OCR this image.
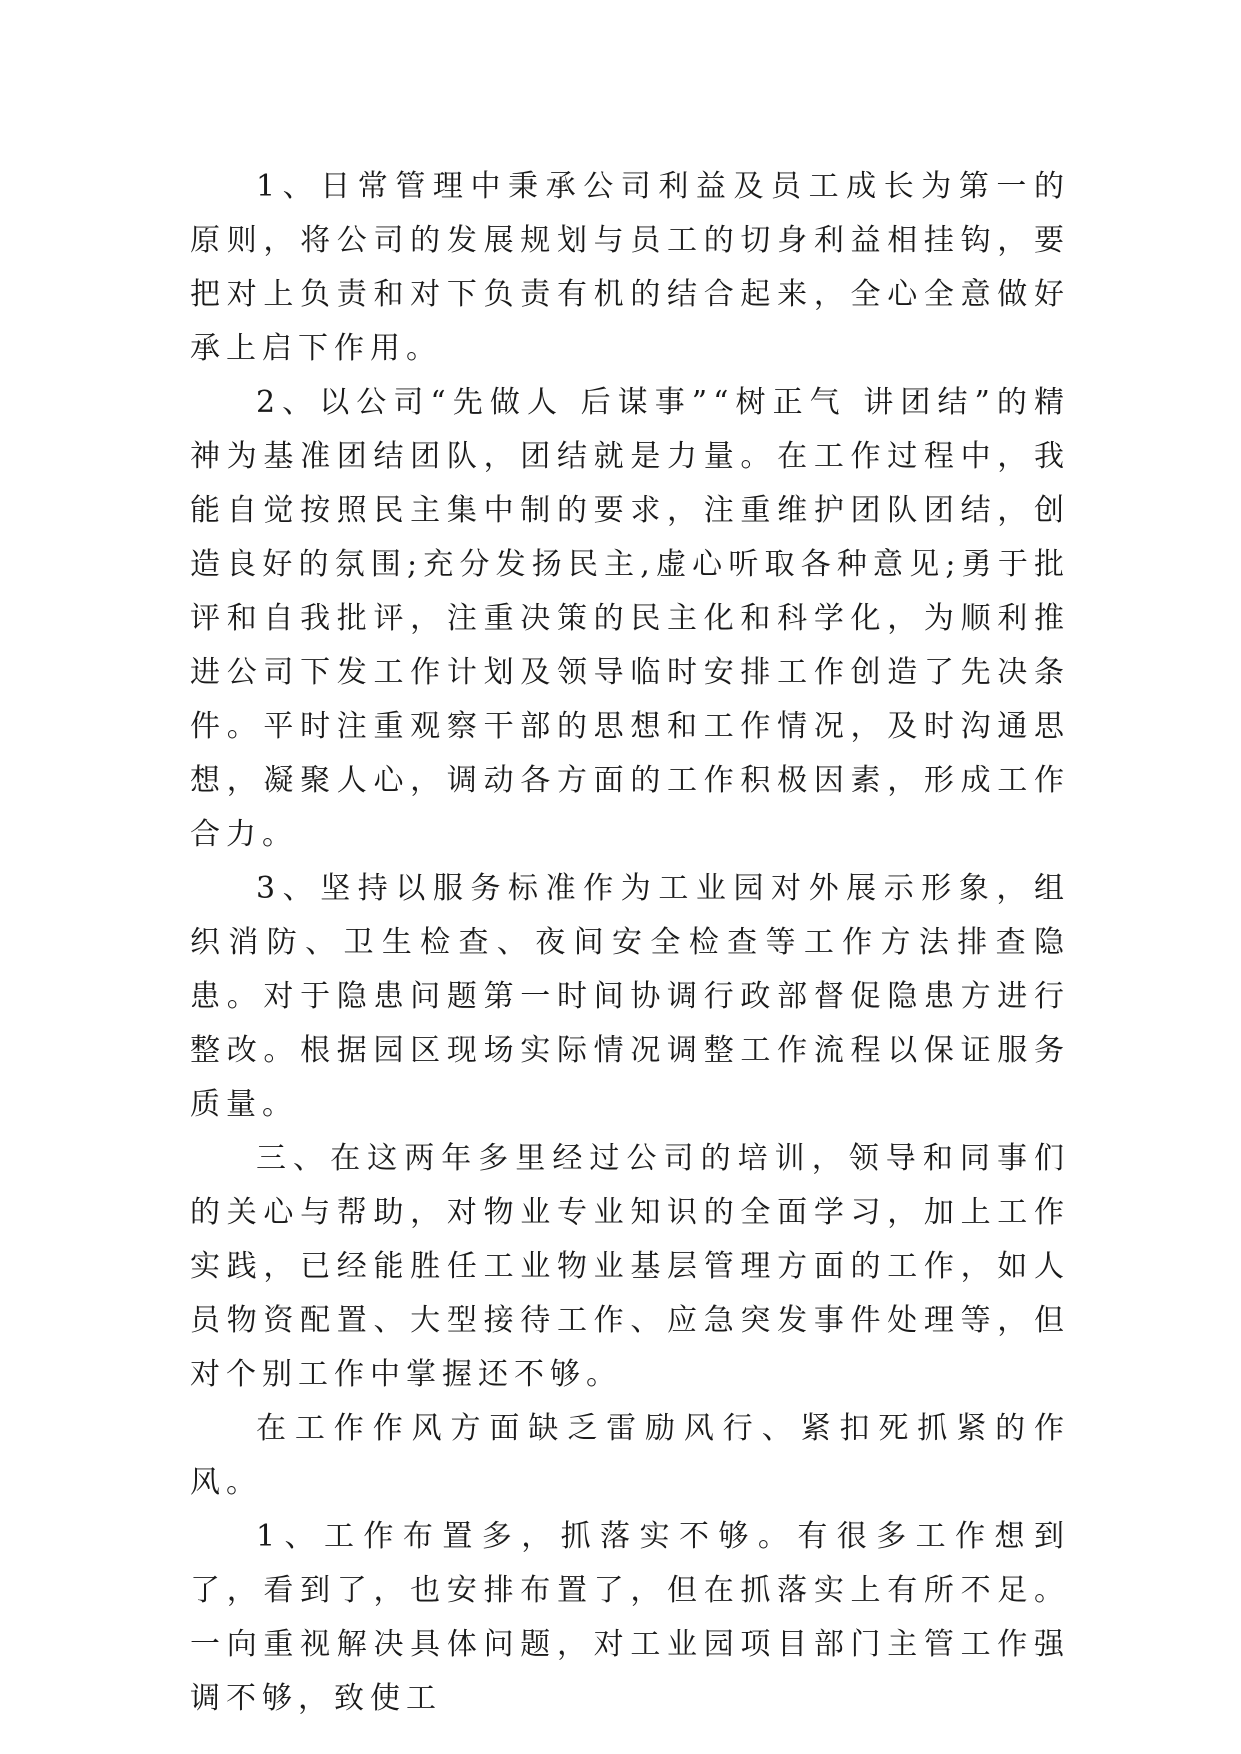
1、日常管理中秉承公司利益及员工成长为第一的原则，将公司的发展规划与员工的切身利益相挂钩，要把对上负责和对下负责有机的结合起来，全心全意做好承上启下作用。

2、以公司“先做人 后谋事”“树正气 讲团结”的精神为基准团结团队，团结就是力量。在工作过程中，我能自觉按照民主集中制的要求，注重维护团队团结，创造良好的氛围;充分发扬民主,虚心听取各种意见;勇于批评和自我批评，注重决策的民主化和科学化，为顺利推进公司下发工作计划及领导临时安排工作创造了先决条件。平时注重观察干部的思想和工作情况，及时沟通思想，凝聚人心，调动各方面的工作积极因素，形成工作合力。

3、坚持以服务标准作为工业园对外展示形象，组织消防、卫生检查、夜间安全检查等工作方法排查隐患。对于隐患问题第一时间协调行政部督促隐患方进行整改。根据园区现场实际情况调整工作流程以保证服务质量。

三、在这两年多里经过公司的培训，领导和同事们的关心与帮助，对物业专业知识的全面学习，加上工作实践，已经能胜任工业物业基层管理方面的工作，如人员物资配置、大型接待工作、应急突发事件处理等，但对个别工作中掌握还不够。

在工作作风方面缺乏雷励风行、紧扣死抓紧的作风。

1、工作布置多，抓落实不够。有很多工作想到了，看到了，也安排布置了，但在抓落实上有所不足。一向重视解决具体问题，对工业园项目部门主管工作强调不够，致使工
